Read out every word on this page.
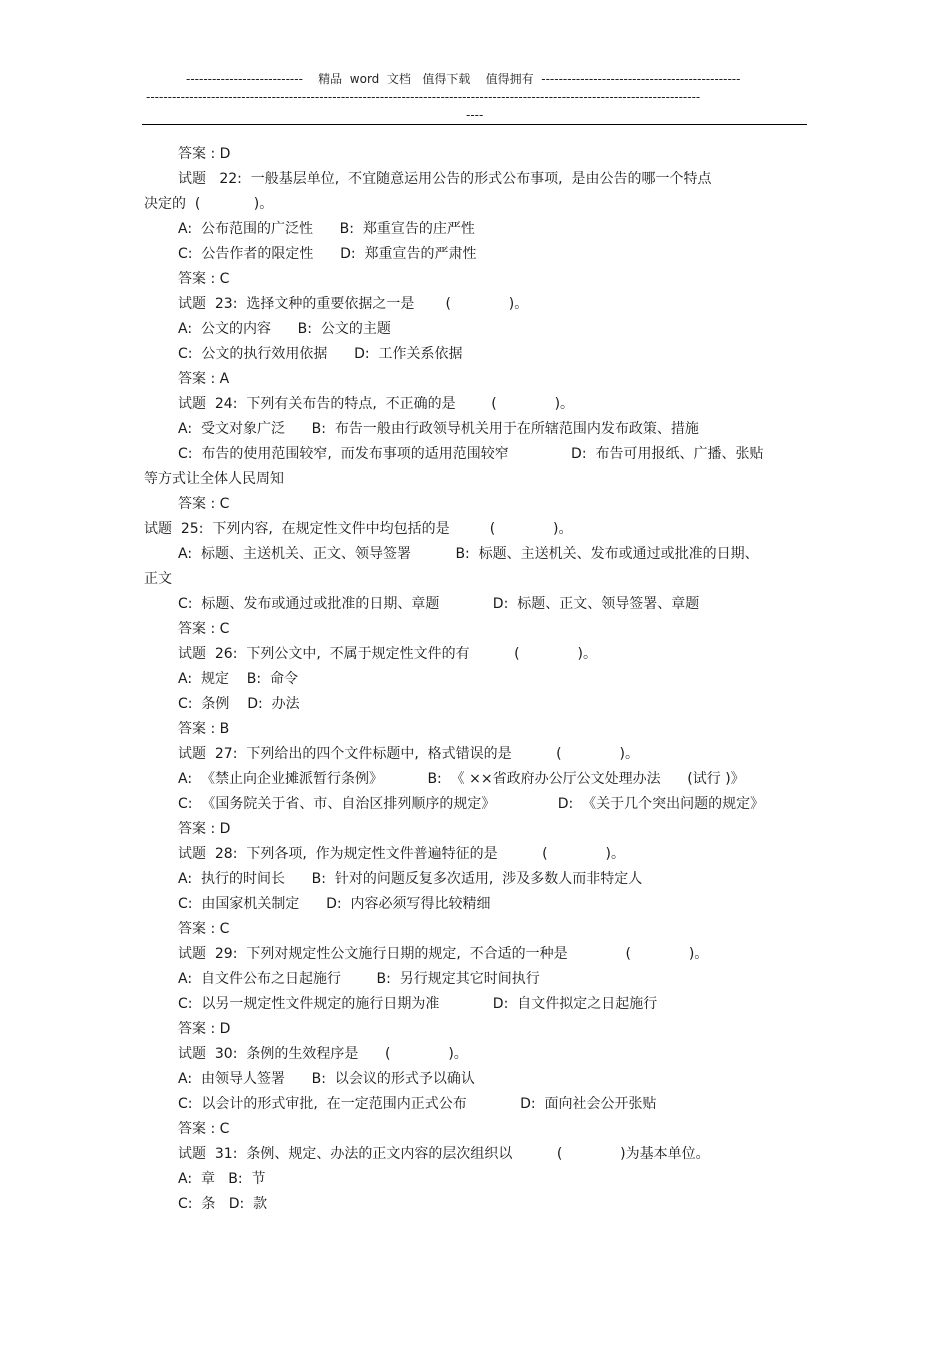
---------------------------    精品  word  文档   值得下载    值得拥有  ----------------------------------------------
--------------------------------------------------------------------------------------------------------------------------------
----
答案 : D
试题   22:  一般基层单位,  不宜随意运用公告的形式公布事项,  是由公告的哪一个特点
决定的  (            )。
A:  公布范围的广泛性      B:  郑重宣告的庄严性
C:  公告作者的限定性      D:  郑重宣告的严肃性
答案 : C
试题  23:  选择文种的重要依据之一是       (             )。
A:  公文的内容      B:  公文的主题
C:  公文的执行效用依据      D:  工作关系依据
答案 : A
试题  24:  下列有关布告的特点,  不正确的是        (             )。
A:  受文对象广泛      B:  布告一般由行政领导机关用于在所辖范围内发布政策、措施
C:  布告的使用范围较窄,  而发布事项的适用范围较窄              D:  布告可用报纸、广播、张贴
等方式让全体人民周知
答案 : C
试题  25:  下列内容,  在规定性文件中均包括的是         (             )。
A:  标题、主送机关、正文、领导签署          B:  标题、主送机关、发布或通过或批准的日期、
正文
C:  标题、发布或通过或批准的日期、章题            D:  标题、正文、领导签署、章题
答案 : C
试题  26:  下列公文中,  不属于规定性文件的有          (             )。
A:  规定    B:  命令
C:  条例    D:  办法
答案 : B
试题  27:  下列给出的四个文件标题中,  格式错误的是          (             )。
A:  《禁止向企业摊派暂行条例》          B:  《 ××省政府办公厅公文处理办法      (试行 )》
C:  《国务院关于省、市、自治区排列顺序的规定》              D:  《关于几个突出问题的规定》
答案 : D
试题  28:  下列各项,  作为规定性文件普遍特征的是          (             )。
A:  执行的时间长      B:  针对的问题反复多次适用,  涉及多数人而非特定人
C:  由国家机关制定      D:  内容必须写得比较精细
答案 : C
试题  29:  下列对规定性公文施行日期的规定,  不合适的一种是             (             )。
A:  自文件公布之日起施行        B:  另行规定其它时间执行
C:  以另一规定性文件规定的施行日期为准            D:  自文件拟定之日起施行
答案 : D
试题  30:  条例的生效程序是      (             )。
A:  由领导人签署      B:  以会议的形式予以确认
C:  以会计的形式审批,  在一定范围内正式公布            D:  面向社会公开张贴
答案 : C
试题  31:  条例、规定、办法的正文内容的层次组织以          (             )为基本单位。
A:  章   B:  节
C:  条   D:  款
